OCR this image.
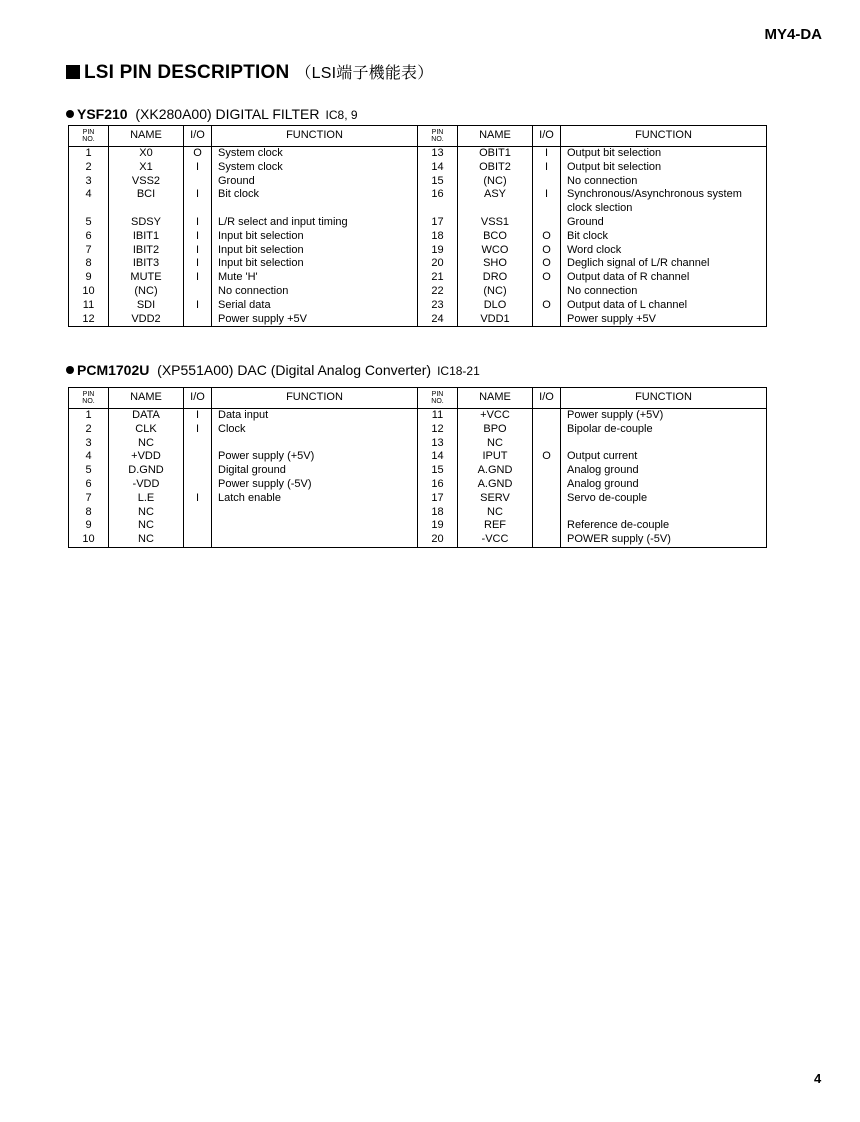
MY4-DA
LSI PIN DESCRIPTION （LSI端子機能表）
YSF210 (XK280A00) DIGITAL FILTER IC8, 9
PIN
NO.	NAME	I/O	FUNCTION	PIN
NO.	NAME	I/O	FUNCTION
1	X0	O	System clock	13	OBIT1	I	Output bit selection
2	X1	I	System clock	14	OBIT2	I	Output bit selection
3	VSS2		Ground	15	(NC)		No connection
4	BCI	I	Bit clock	16	ASY	I	Synchronous/Asynchronous system
clock slection
5	SDSY	I	L/R select and input timing	17	VSS1		Ground
6	IBIT1	I	Input bit selection	18	BCO	O	Bit clock
7	IBIT2	I	Input bit selection	19	WCO	O	Word clock
8	IBIT3	I	Input bit selection	20	SHO	O	Deglich signal of L/R channel
9	MUTE	I	Mute 'H'	21	DRO	O	Output data of R channel
10	(NC)		No connection	22	(NC)		No connection
11	SDI	I	Serial data	23	DLO	O	Output data of L channel
12	VDD2		Power supply +5V	24	VDD1		Power supply +5V
PCM1702U (XP551A00) DAC (Digital Analog Converter) IC18-21
PIN
NO.	NAME	I/O	FUNCTION	PIN
NO.	NAME	I/O	FUNCTION
1	DATA	I	Data input	11	+VCC		Power supply (+5V)
2	CLK	I	Clock	12	BPO		Bipolar de-couple
3	NC			13	NC		
4	+VDD		Power supply (+5V)	14	IPUT	O	Output current
5	D.GND		Digital ground	15	A.GND		Analog ground
6	-VDD		Power supply (-5V)	16	A.GND		Analog ground
7	L.E	I	Latch enable	17	SERV		Servo de-couple
8	NC			18	NC		
9	NC			19	REF		Reference de-couple
10	NC			20	-VCC		POWER supply (-5V)
4
